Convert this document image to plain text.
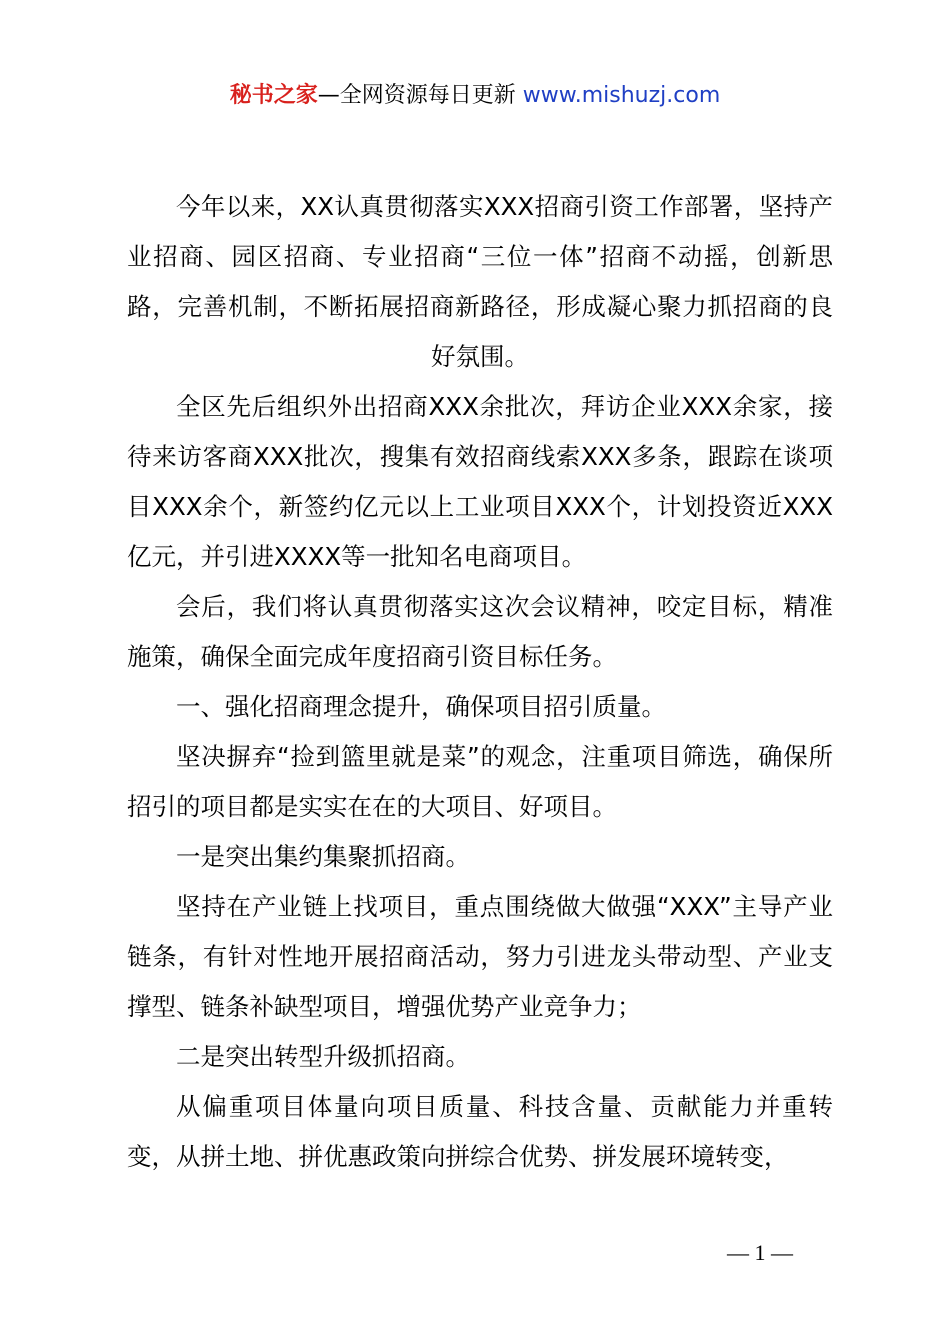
秘书之家—全网资源每日更新 www.mishuzj.com

今年以来，XX认真贯彻落实XXX招商引资工作部署，坚持产业招商、园区招商、专业招商“三位一体”招商不动摇，创新思路，完善机制，不断拓展招商新路径，形成凝心聚力抓招商的良好氛围。

全区先后组织外出招商XXX余批次，拜访企业XXX余家，接待来访客商XXX批次，搜集有效招商线索XXX多条，跟踪在谈项目XXX余个，新签约亿元以上工业项目XXX个，计划投资近XXX亿元，并引进XXXX等一批知名电商项目。

会后，我们将认真贯彻落实这次会议精神，咬定目标，精准施策，确保全面完成年度招商引资目标任务。

一、强化招商理念提升，确保项目招引质量。

坚决摒弃“捡到篮里就是菜”的观念，注重项目筛选，确保所招引的项目都是实实在在的大项目、好项目。

一是突出集约集聚抓招商。

坚持在产业链上找项目，重点围绕做大做强“XXX”主导产业链条，有针对性地开展招商活动，努力引进龙头带动型、产业支撑型、链条补缺型项目，增强优势产业竞争力；

二是突出转型升级抓招商。

从偏重项目体量向项目质量、科技含量、贡献能力并重转变，从拼土地、拼优惠政策向拼综合优势、拼发展环境转变，

— 1 —
